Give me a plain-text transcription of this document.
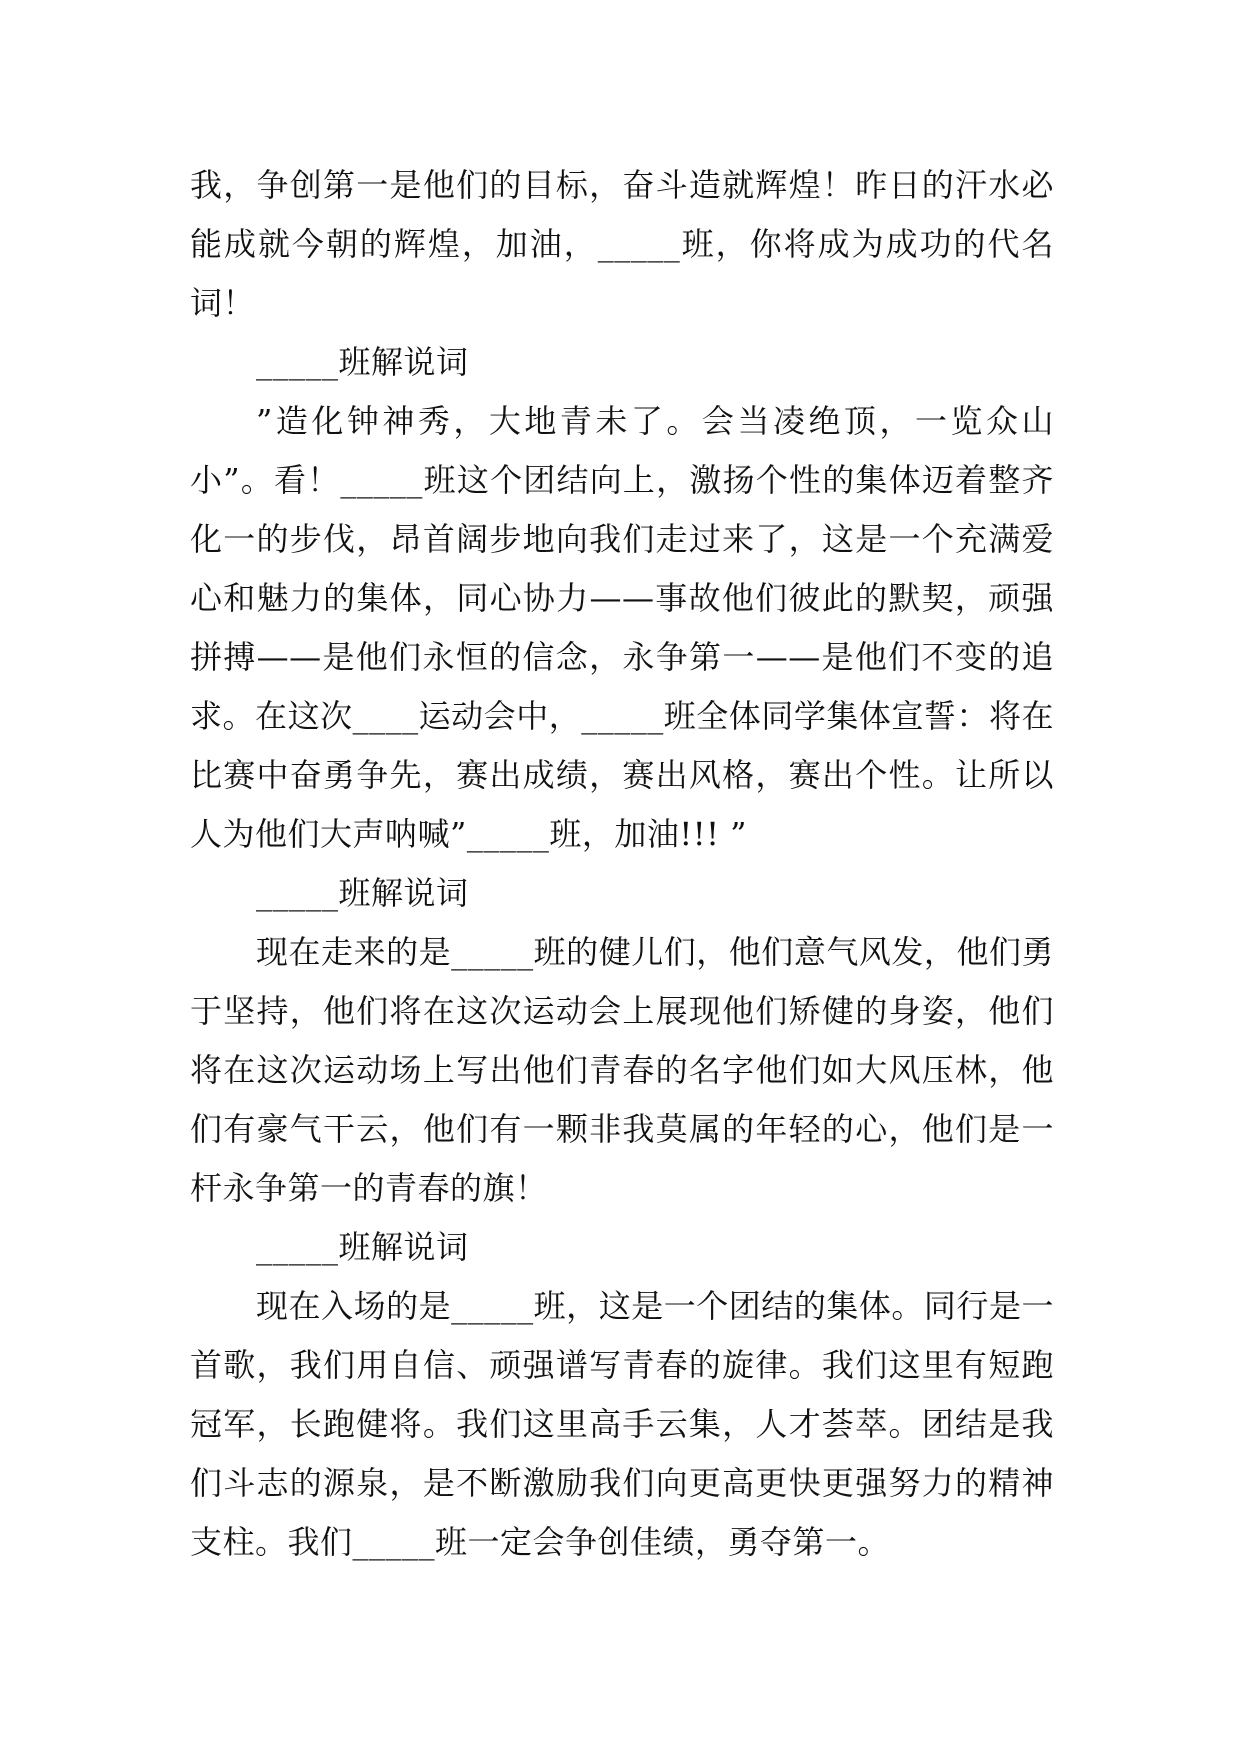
我，争创第一是他们的目标，奋斗造就辉煌！昨日的汗水必能成就今朝的辉煌，加油，_____班，你将成为成功的代名词！

_____班解说词

”造化钟神秀，大地青未了。会当凌绝顶，一览众山小”。看！_____班这个团结向上，激扬个性的集体迈着整齐化一的步伐，昂首阔步地向我们走过来了，这是一个充满爱心和魅力的集体，同心协力——事故他们彼此的默契，顽强拼搏——是他们永恒的信念，永争第一——是他们不变的追求。在这次____运动会中，_____班全体同学集体宣誓：将在比赛中奋勇争先，赛出成绩，赛出风格，赛出个性。让所以人为他们大声呐喊”_____班，加油!!! ”

_____班解说词

现在走来的是_____班的健儿们，他们意气风发，他们勇于坚持，他们将在这次运动会上展现他们矫健的身姿，他们将在这次运动场上写出他们青春的名字他们如大风压林，他们有豪气干云，他们有一颗非我莫属的年轻的心，他们是一杆永争第一的青春的旗！

_____班解说词

现在入场的是_____班，这是一个团结的集体。同行是一首歌，我们用自信、顽强谱写青春的旋律。我们这里有短跑冠军，长跑健将。我们这里高手云集，人才荟萃。团结是我们斗志的源泉，是不断激励我们向更高更快更强努力的精神支柱。我们_____班一定会争创佳绩，勇夺第一。
